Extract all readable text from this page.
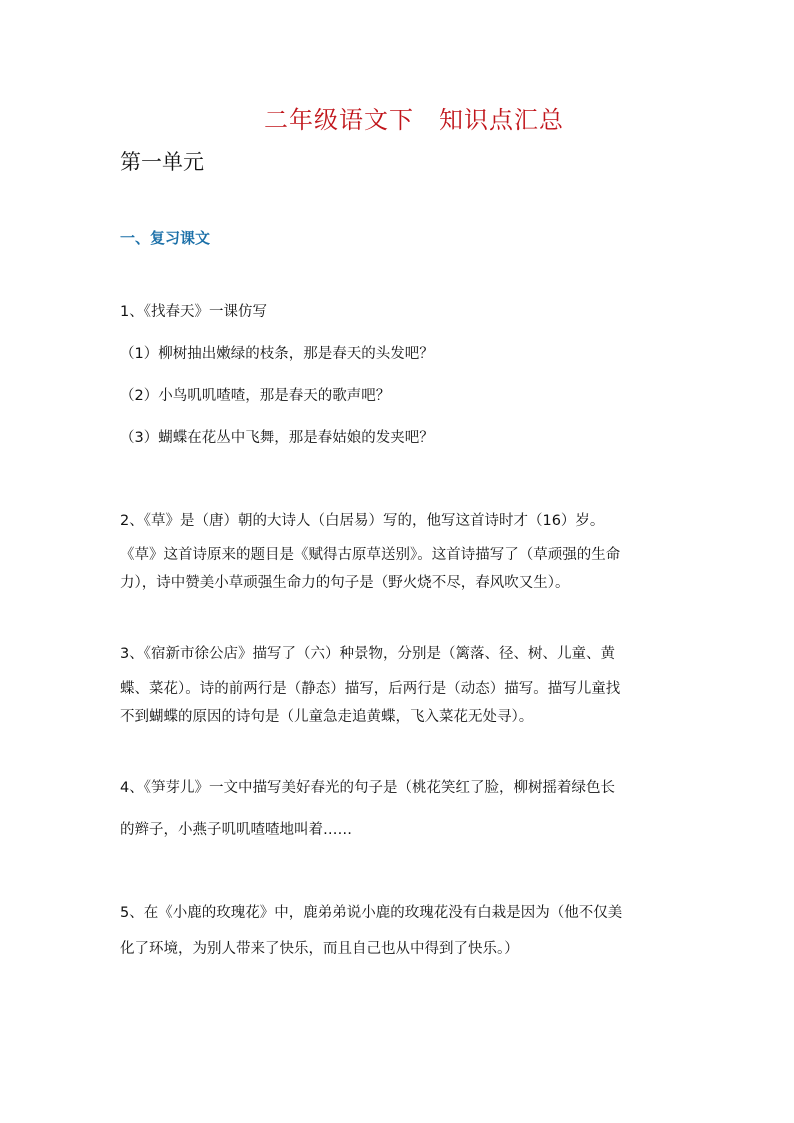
二年级语文下　知识点汇总
第一单元
一、复习课文

1、《找春天》一课仿写

（1）柳树抽出嫩绿的枝条，那是春天的头发吧？

（2）小鸟叽叽喳喳，那是春天的歌声吧？

（3）蝴蝶在花丛中飞舞，那是春姑娘的发夹吧？

2、《草》是（唐）朝的大诗人（白居易）写的，他写这首诗时才（16）岁。

《草》这首诗原来的题目是《赋得古原草送别》。这首诗描写了（草顽强的生命

力），诗中赞美小草顽强生命力的句子是（野火烧不尽，春风吹又生）。

3、《宿新市徐公店》描写了（六）种景物，分别是（篱落、径、树、儿童、黄

蝶、菜花）。诗的前两行是（静态）描写，后两行是（动态）描写。描写儿童找

不到蝴蝶的原因的诗句是（儿童急走追黄蝶，飞入菜花无处寻）。

4、《笋芽儿》一文中描写美好春光的句子是（桃花笑红了脸，柳树摇着绿色长

的辫子，小燕子叽叽喳喳地叫着……

5、在《小鹿的玫瑰花》中，鹿弟弟说小鹿的玫瑰花没有白栽是因为（他不仅美

化了环境，为别人带来了快乐，而且自己也从中得到了快乐。）
